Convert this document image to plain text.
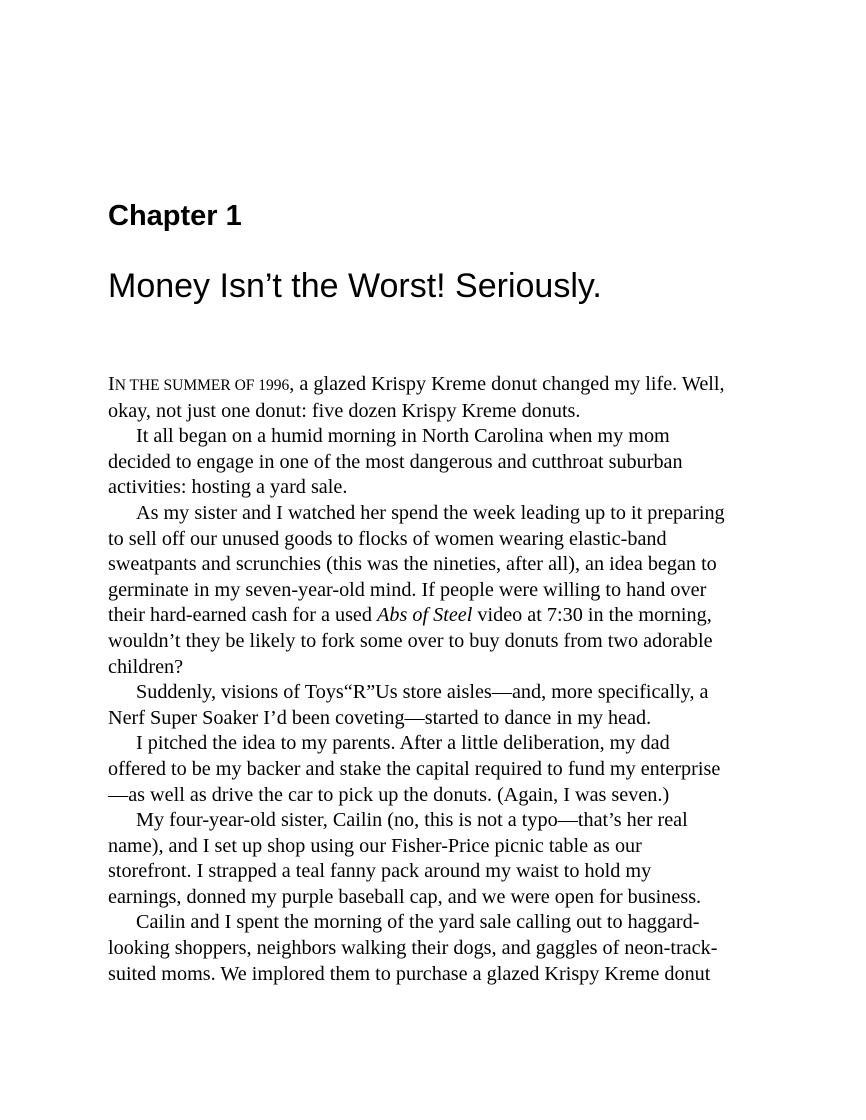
Chapter 1
Money Isn’t the Worst! Seriously.
IN THE SUMMER OF 1996, a glazed Krispy Kreme donut changed my life. Well,
okay, not just one donut: five dozen Krispy Kreme donuts.
It all began on a humid morning in North Carolina when my mom
decided to engage in one of the most dangerous and cutthroat suburban
activities: hosting a yard sale.
As my sister and I watched her spend the week leading up to it preparing
to sell off our unused goods to flocks of women wearing elastic-band
sweatpants and scrunchies (this was the nineties, after all), an idea began to
germinate in my seven-year-old mind. If people were willing to hand over
their hard-earned cash for a used Abs of Steel video at 7:30 in the morning,
wouldn’t they be likely to fork some over to buy donuts from two adorable
children?
Suddenly, visions of Toys“R”Us store aisles—and, more specifically, a
Nerf Super Soaker I’d been coveting—started to dance in my head.
I pitched the idea to my parents. After a little deliberation, my dad
offered to be my backer and stake the capital required to fund my enterprise
—as well as drive the car to pick up the donuts. (Again, I was seven.)
My four-year-old sister, Cailin (no, this is not a typo—that’s her real
name), and I set up shop using our Fisher-Price picnic table as our
storefront. I strapped a teal fanny pack around my waist to hold my
earnings, donned my purple baseball cap, and we were open for business.
Cailin and I spent the morning of the yard sale calling out to haggard-
looking shoppers, neighbors walking their dogs, and gaggles of neon-track-
suited moms. We implored them to purchase a glazed Krispy Kreme donut
